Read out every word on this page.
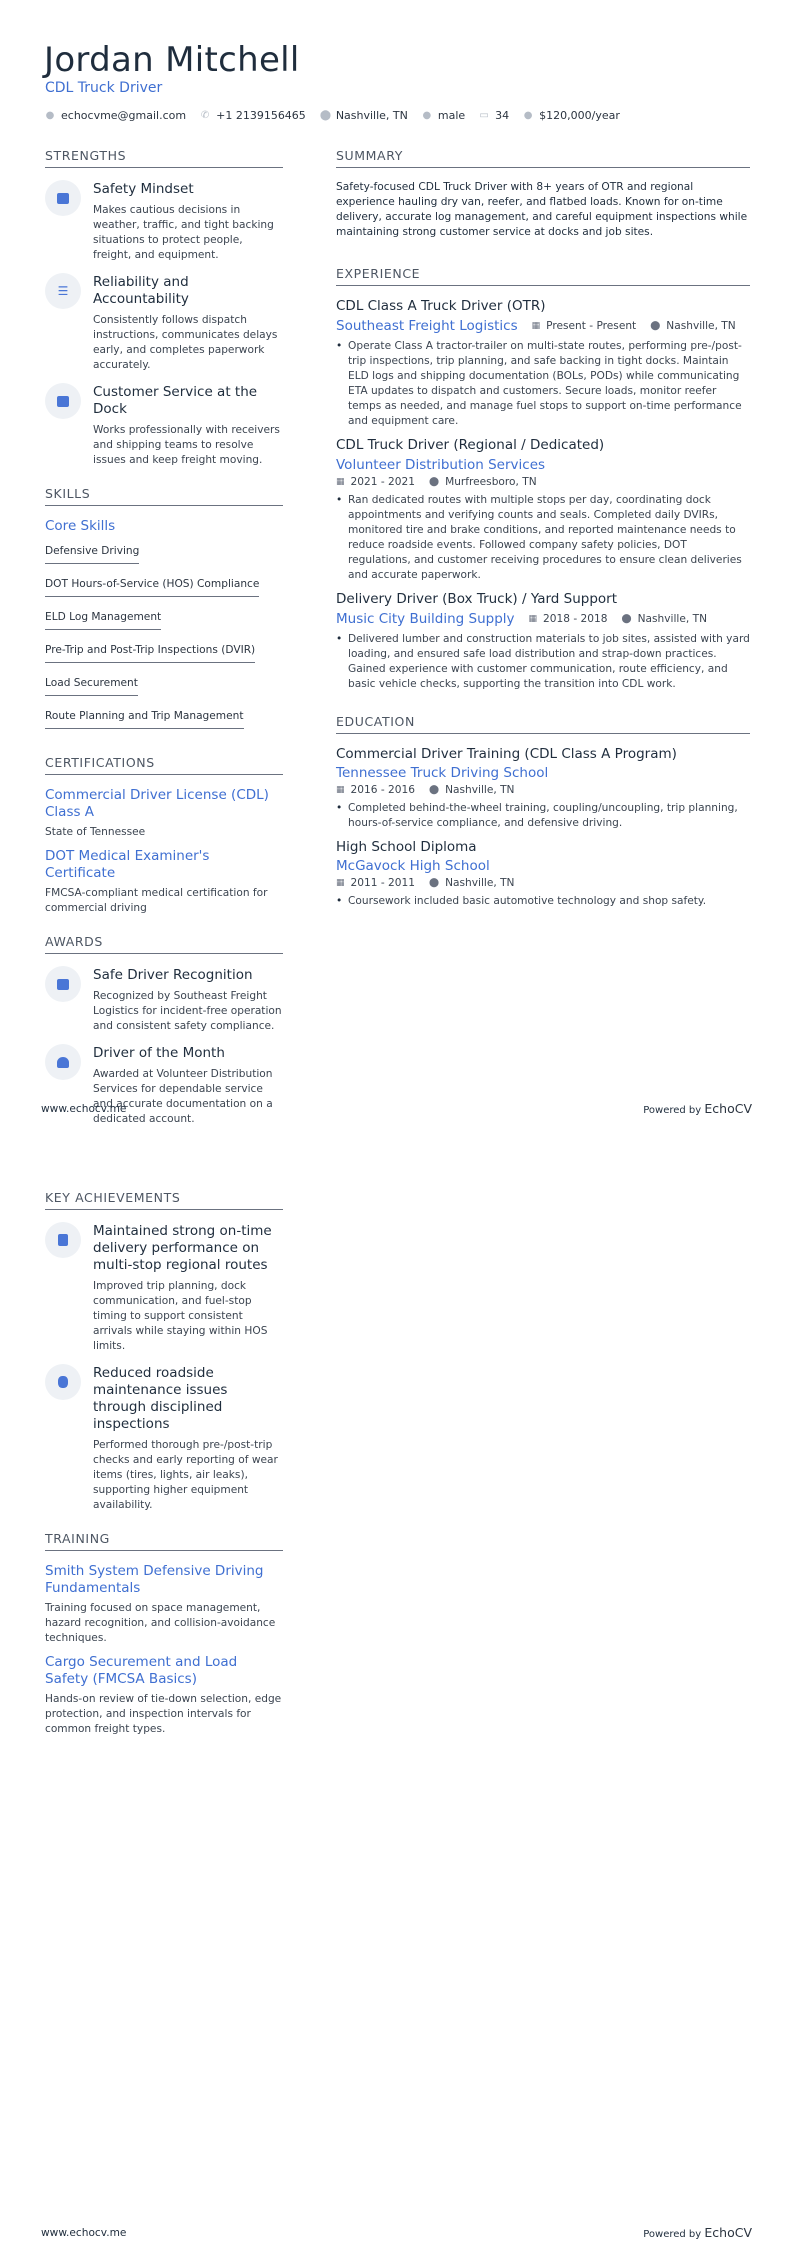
Jordan Mitchell
CDL Truck Driver
● echocvme@gmail.com ✆ +1 2139156465 ⬤ Nashville, TN ● male ▭ 34 ● $120,000/year
STRENGTHS
Safety Mindset
Makes cautious decisions in weather, traffic, and tight backing situations to protect people, freight, and equipment.
☰
Reliability and Accountability
Consistently follows dispatch instructions, communicates delays early, and completes paperwork accurately.
Customer Service at the Dock
Works professionally with receivers and shipping teams to resolve issues and keep freight moving.
SKILLS
Core Skills
Defensive Driving
DOT Hours-of-Service (HOS) Compliance
ELD Log Management
Pre-Trip and Post-Trip Inspections (DVIR)
Load Securement
Route Planning and Trip Management
CERTIFICATIONS
Commercial Driver License (CDL) Class A
State of Tennessee
DOT Medical Examiner's Certificate
FMCSA-compliant medical certification for commercial driving
AWARDS
Safe Driver Recognition
Recognized by Southeast Freight Logistics for incident-free operation and consistent safety compliance.
Driver of the Month
Awarded at Volunteer Distribution Services for dependable service and accurate documentation on a dedicated account.
SUMMARY
Safety-focused CDL Truck Driver with 8+ years of OTR and regional experience hauling dry van, reefer, and flatbed loads. Known for on-time delivery, accurate log management, and careful equipment inspections while maintaining strong customer service at docks and job sites.
EXPERIENCE
CDL Class A Truck Driver (OTR)
Southeast Freight Logistics ▦ Present - Present ⬤ Nashville, TN
• Operate Class A tractor-trailer on multi-state routes, performing pre-/post-trip inspections, trip planning, and safe backing in tight docks. Maintain ELD logs and shipping documentation (BOLs, PODs) while communicating ETA updates to dispatch and customers. Secure loads, monitor reefer temps as needed, and manage fuel stops to support on-time performance and equipment care.
CDL Truck Driver (Regional / Dedicated)
Volunteer Distribution Services
▦ 2021 - 2021 ⬤ Murfreesboro, TN
• Ran dedicated routes with multiple stops per day, coordinating dock appointments and verifying counts and seals. Completed daily DVIRs, monitored tire and brake conditions, and reported maintenance needs to reduce roadside events. Followed company safety policies, DOT regulations, and customer receiving procedures to ensure clean deliveries and accurate paperwork.
Delivery Driver (Box Truck) / Yard Support
Music City Building Supply ▦ 2018 - 2018 ⬤ Nashville, TN
• Delivered lumber and construction materials to job sites, assisted with yard loading, and ensured safe load distribution and strap-down practices. Gained experience with customer communication, route efficiency, and basic vehicle checks, supporting the transition into CDL work.
EDUCATION
Commercial Driver Training (CDL Class A Program)
Tennessee Truck Driving School
▦ 2016 - 2016 ⬤ Nashville, TN
• Completed behind-the-wheel training, coupling/uncoupling, trip planning, hours-of-service compliance, and defensive driving.
High School Diploma
McGavock High School
▦ 2011 - 2011 ⬤ Nashville, TN
• Coursework included basic automotive technology and shop safety.
www.echocv.me	Powered by EchoCV
KEY ACHIEVEMENTS
Maintained strong on-time delivery performance on multi-stop regional routes
Improved trip planning, dock communication, and fuel-stop timing to support consistent arrivals while staying within HOS limits.
Reduced roadside maintenance issues through disciplined inspections
Performed thorough pre-/post-trip checks and early reporting of wear items (tires, lights, air leaks), supporting higher equipment availability.
TRAINING
Smith System Defensive Driving Fundamentals
Training focused on space management, hazard recognition, and collision-avoidance techniques.
Cargo Securement and Load Safety (FMCSA Basics)
Hands-on review of tie-down selection, edge protection, and inspection intervals for common freight types.
www.echocv.me	Powered by EchoCV
